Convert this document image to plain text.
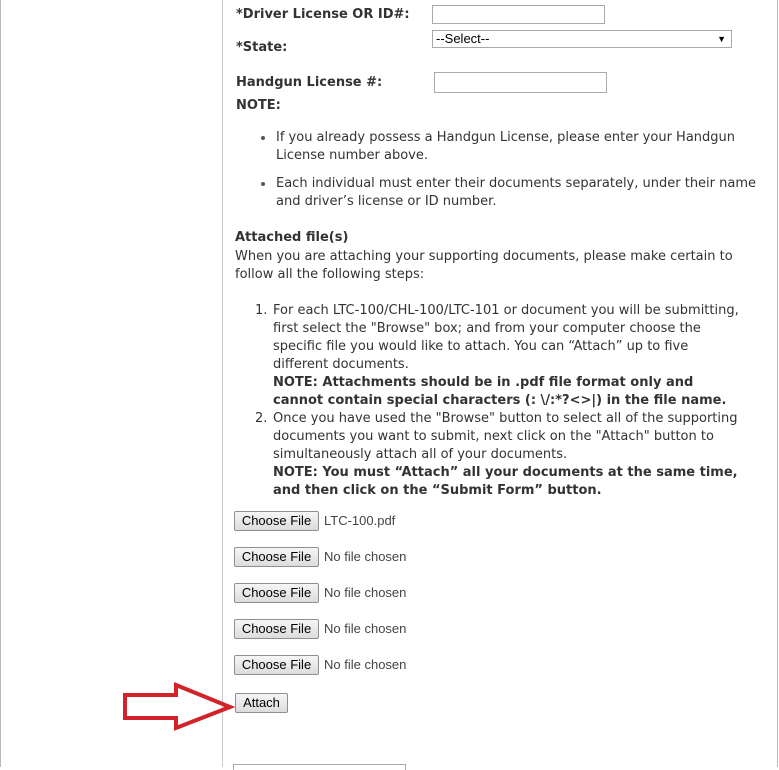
*Driver License OR ID#:
*State:
--Select--	▼
Handgun License #:
NOTE:
If you already possess a Handgun License, please enter your Handgun License number above.
Each individual must enter their documents separately, under their name and driver’s license or ID number.
Attached file(s)
When you are attaching your supporting documents, please make certain to follow all the following steps:
1. For each LTC-100/CHL-100/LTC-101 or document you will be submitting, first select the "Browse" box; and from your computer choose the specific file you would like to attach. You can “Attach” up to five different documents.
NOTE: Attachments should be in .pdf file format only and cannot contain special characters (: \/:*?<>|) in the file name.
2. Once you have used the "Browse" button to select all of the supporting documents you want to submit, next click on the "Attach" button to simultaneously attach all of your documents.
NOTE: You must “Attach” all your documents at the same time, and then click on the “Submit Form” button.
Choose File LTC-100.pdf
Choose File No file chosen
Choose File No file chosen
Choose File No file chosen
Choose File No file chosen
Attach
